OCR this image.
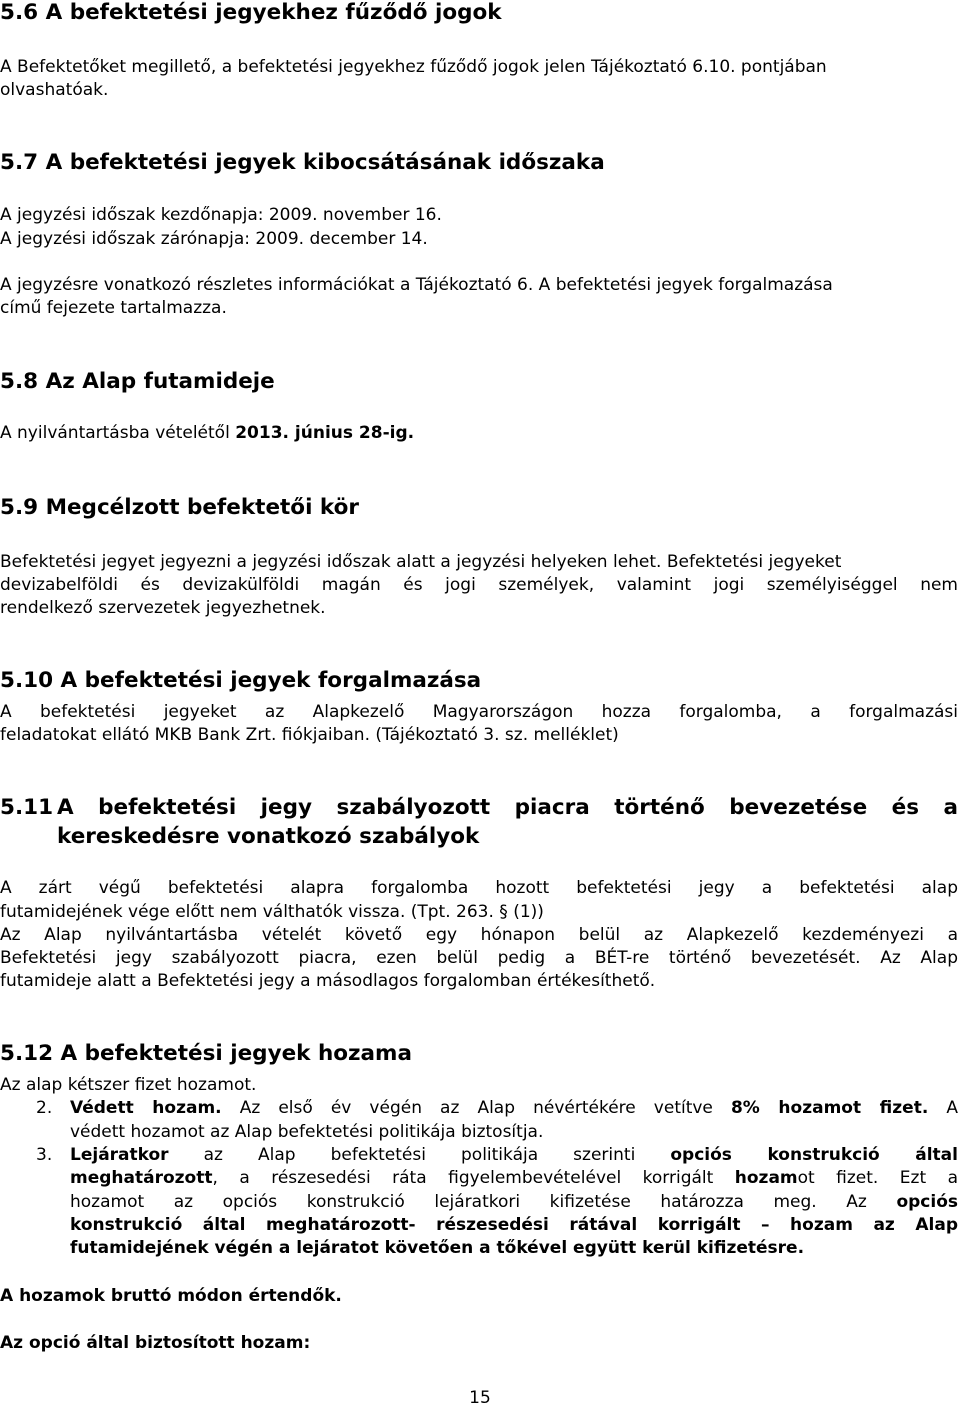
5.6 A befektetési jegyekhez fűződő jogok
A Befektetőket megillető, a befektetési jegyekhez fűződő jogok jelen Tájékoztató 6.10. pontjában
olvashatóak.
5.7 A befektetési jegyek kibocsátásának időszaka
A jegyzési időszak kezdőnapja: 2009. november 16.
A jegyzési időszak zárónapja: 2009. december 14.
A jegyzésre vonatkozó részletes információkat a Tájékoztató 6. A befektetési jegyek forgalmazása
című fejezete tartalmazza.
5.8 Az Alap futamideje
A nyilvántartásba vételétől 2013. június 28-ig.
5.9 Megcélzott befektetői kör
Befektetési jegyet jegyezni a jegyzési időszak alatt a jegyzési helyeken lehet. Befektetési jegyeket
devizabelföldi és devizakülföldi magán és jogi személyek, valamint jogi személyiséggel nem
rendelkező szervezetek jegyezhetnek.
5.10 A befektetési jegyek forgalmazása
A befektetési jegyeket az Alapkezelő Magyarországon hozza forgalomba, a forgalmazási
feladatokat ellátó MKB Bank Zrt. fiókjaiban. (Tájékoztató 3. sz. melléklet)
5.11 A befektetési jegy szabályozott piacra történő bevezetése és a
kereskedésre vonatkozó szabályok
A zárt végű befektetési alapra forgalomba hozott befektetési jegy a befektetési alap
futamidejének vége előtt nem válthatók vissza. (Tpt. 263. § (1))
Az Alap nyilvántartásba vételét követő egy hónapon belül az Alapkezelő kezdeményezi a
Befektetési jegy szabályozott piacra, ezen belül pedig a BÉT-re történő bevezetését. Az Alap
futamideje alatt a Befektetési jegy a másodlagos forgalomban értékesíthető.
5.12 A befektetési jegyek hozama
Az alap kétszer fizet hozamot.
2. Védett hozam. Az első év végén az Alap névértékére vetítve 8% hozamot fizet. A
védett hozamot az Alap befektetési politikája biztosítja.
3. Lejáratkor az Alap befektetési politikája szerinti opciós konstrukció által
meghatározott, a részesedési ráta figyelembevételével korrigált hozamot fizet. Ezt a
hozamot az opciós konstrukció lejáratkori kifizetése határozza meg. Az opciós
konstrukció által meghatározott- részesedési rátával korrigált – hozam az Alap
futamidejének végén a lejáratot követően a tőkével együtt kerül kifizetésre.
A hozamok bruttó módon értendők.
Az opció által biztosított hozam:
15
